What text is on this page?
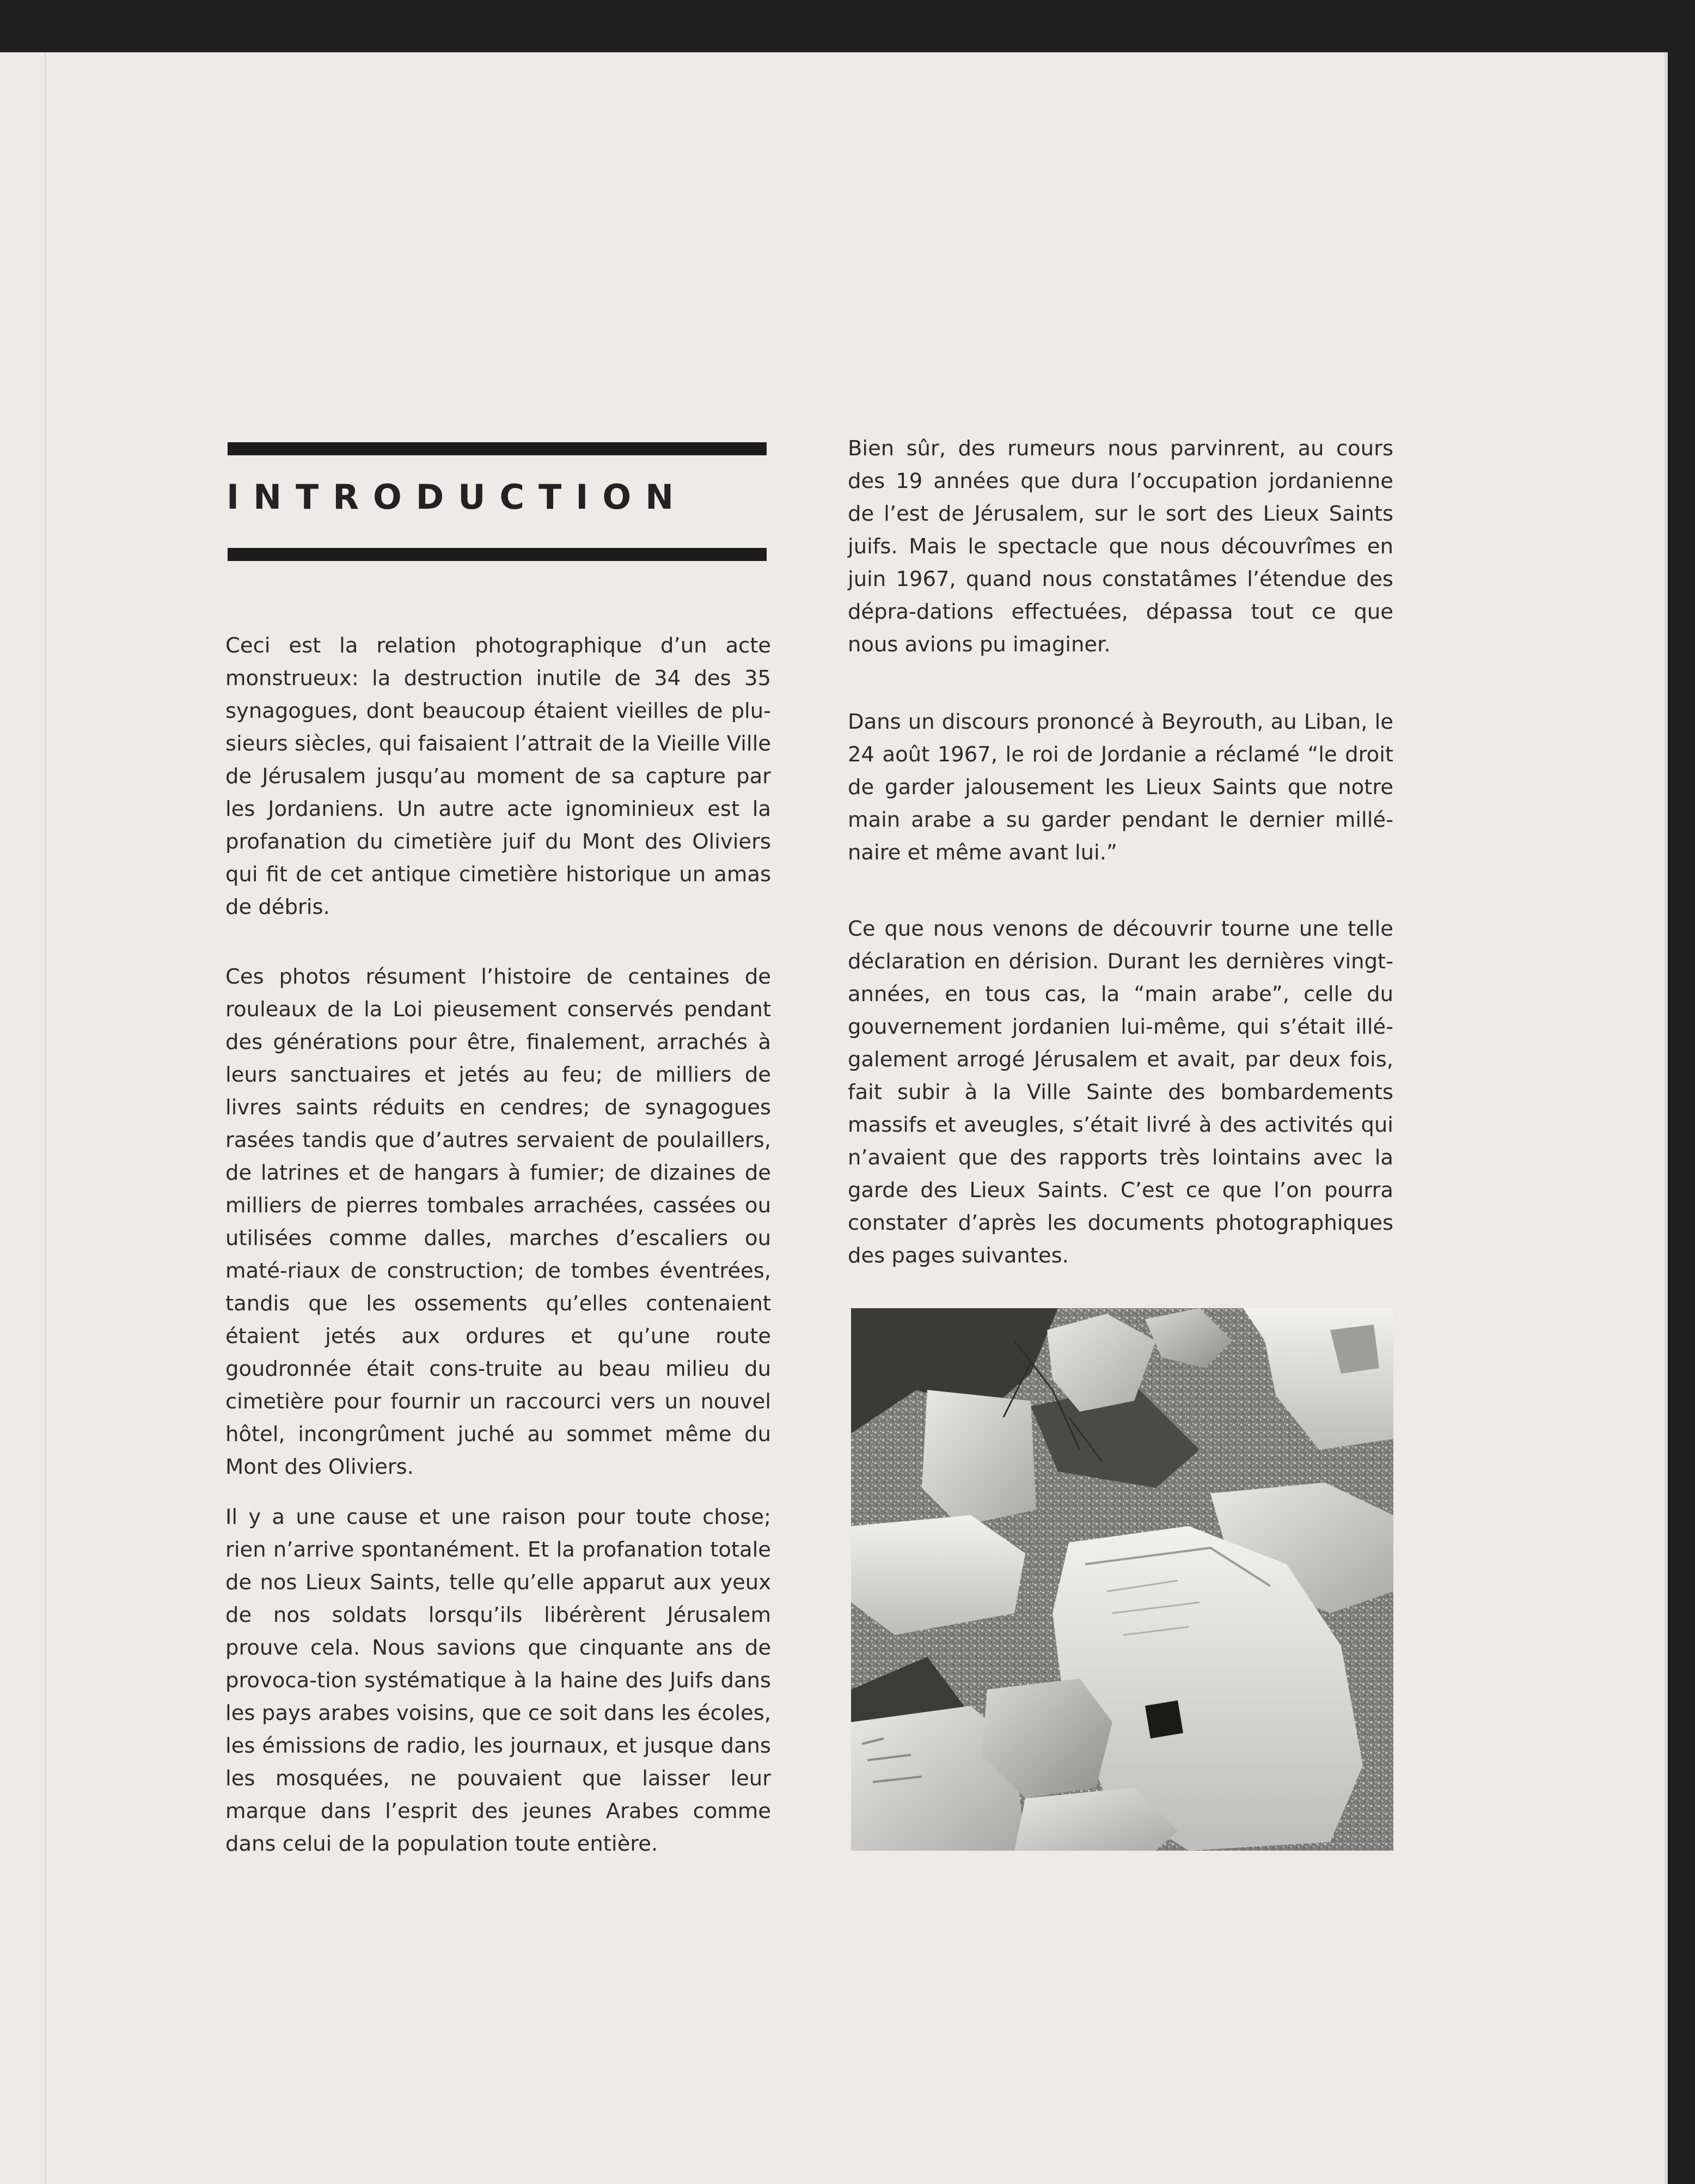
INTRODUCTION

Ceci est la relation photographique d’un acte monstrueux: la destruction inutile de 34 des 35 synagogues, dont beaucoup étaient vieilles de plu-sieurs siècles, qui faisaient l’attrait de la Vieille Ville de Jérusalem jusqu’au moment de sa capture par les Jordaniens. Un autre acte ignominieux est la profanation du cimetière juif du Mont des Oliviers qui fit de cet antique cimetière historique un amas de débris.

Ces photos résument l’histoire de centaines de rouleaux de la Loi pieusement conservés pendant des générations pour être, finalement, arrachés à leurs sanctuaires et jetés au feu; de milliers de livres saints réduits en cendres; de synagogues rasées tandis que d’autres servaient de poulaillers, de latrines et de hangars à fumier; de dizaines de milliers de pierres tombales arrachées, cassées ou utilisées comme dalles, marches d’escaliers ou maté-riaux de construction; de tombes éventrées, tandis que les ossements qu’elles contenaient étaient jetés aux ordures et qu’une route goudronnée était cons-truite au beau milieu du cimetière pour fournir un raccourci vers un nouvel hôtel, incongrûment juché au sommet même du Mont des Oliviers.

Il y a une cause et une raison pour toute chose; rien n’arrive spontanément. Et la profanation totale de nos Lieux Saints, telle qu’elle apparut aux yeux de nos soldats lorsqu’ils libérèrent Jérusalem prouve cela. Nous savions que cinquante ans de provoca-tion systématique à la haine des Juifs dans les pays arabes voisins, que ce soit dans les écoles, les émissions de radio, les journaux, et jusque dans les mosquées, ne pouvaient que laisser leur marque dans l’esprit des jeunes Arabes comme dans celui de la population toute entière.

Bien sûr, des rumeurs nous parvinrent, au cours des 19 années que dura l’occupation jordanienne de l’est de Jérusalem, sur le sort des Lieux Saints juifs. Mais le spectacle que nous découvrîmes en juin 1967, quand nous constatâmes l’étendue des dépra-dations effectuées, dépassa tout ce que nous avions pu imaginer.

Dans un discours prononcé à Beyrouth, au Liban, le 24 août 1967, le roi de Jordanie a réclamé “le droit de garder jalousement les Lieux Saints que notre main arabe a su garder pendant le dernier millé-naire et même avant lui.”

Ce que nous venons de découvrir tourne une telle déclaration en dérision. Durant les dernières vingt-années, en tous cas, la “main arabe”, celle du gouvernement jordanien lui-même, qui s’était illé-galement arrogé Jérusalem et avait, par deux fois, fait subir à la Ville Sainte des bombardements massifs et aveugles, s’était livré à des activités qui n’avaient que des rapports très lointains avec la garde des Lieux Saints. C’est ce que l’on pourra constater d’après les documents photographiques des pages suivantes.
